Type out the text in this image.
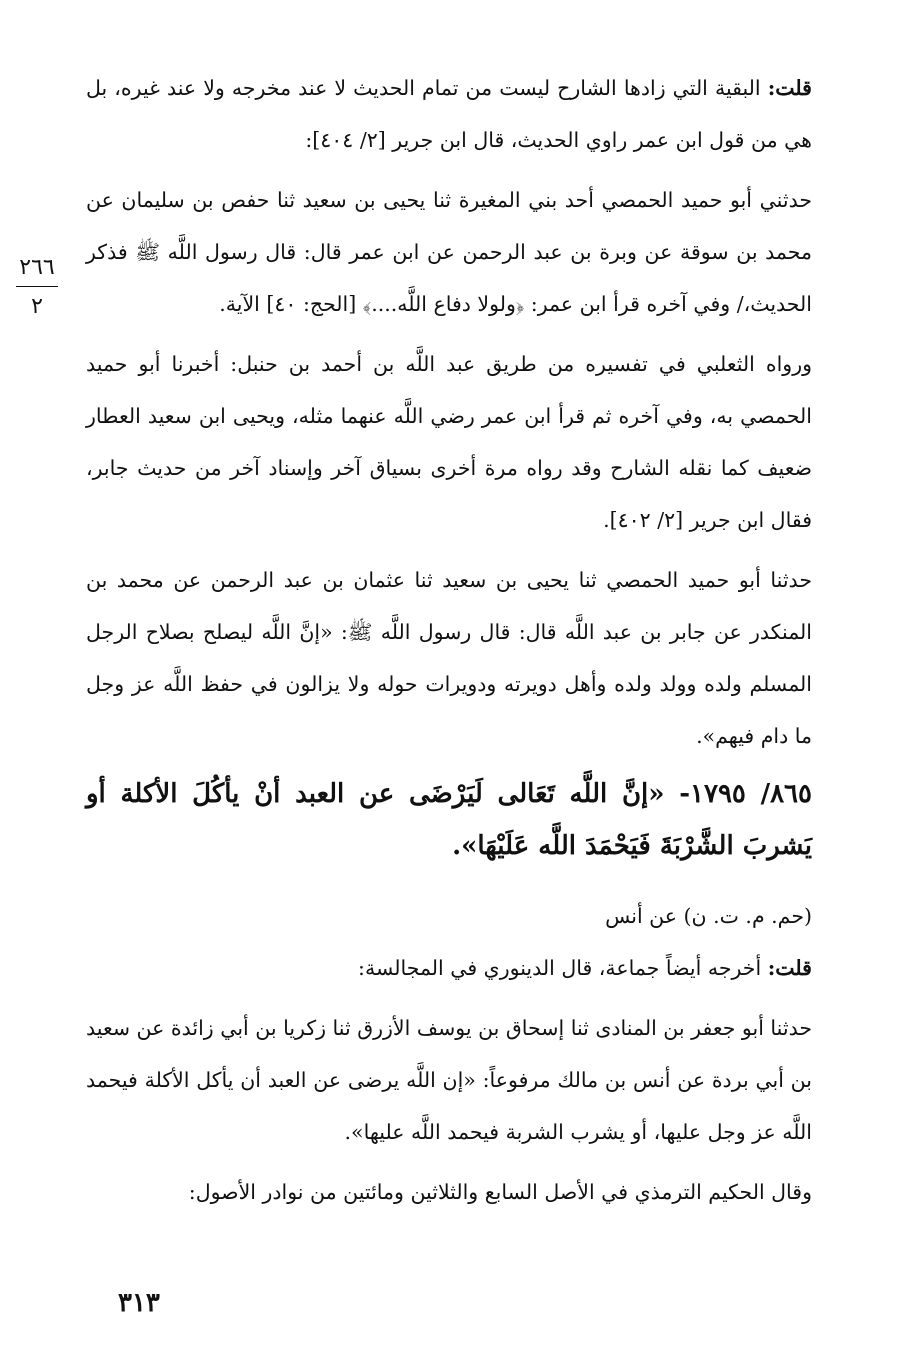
٢٦٦
٢

قلت: البقية التي زادها الشارح ليست من تمام الحديث لا عند مخرجه ولا عند غيره، بل هي من قول ابن عمر راوي الحديث، قال ابن جرير [٢/ ٤٠٤]:

حدثني أبو حميد الحمصي أحد بني المغيرة ثنا يحيى بن سعيد ثنا حفص بن سليمان عن محمد بن سوقة عن وبرة بن عبد الرحمن عن ابن عمر قال: قال رسول اللَّه ﷺ فذكر الحديث،/ وفي آخره قرأ ابن عمر: ﴿ولولا دفاع اللَّه....﴾ [الحج: ٤٠] الآية.

ورواه الثعلبي في تفسيره من طريق عبد اللَّه بن أحمد بن حنبل: أخبرنا أبو حميد الحمصي به، وفي آخره ثم قرأ ابن عمر رضي اللَّه عنهما مثله، ويحيى ابن سعيد العطار ضعيف كما نقله الشارح وقد رواه مرة أخرى بسياق آخر وإسناد آخر من حديث جابر، فقال ابن جرير [٢/ ٤٠٢].

حدثنا أبو حميد الحمصي ثنا يحيى بن سعيد ثنا عثمان بن عبد الرحمن عن محمد بن المنكدر عن جابر بن عبد اللَّه قال: قال رسول اللَّه ﷺ: «إنَّ اللَّه ليصلح بصلاح الرجل المسلم ولده وولد ولده وأهل دويرته ودويرات حوله ولا يزالون في حفظ اللَّه عز وجل ما دام فيهم».

٨٦٥/ ١٧٩٥- «إنَّ اللَّه تَعَالى لَيَرْضَى عن العبد أنْ يأكُلَ الأكلة أو يَشربَ الشَّرْبَةَ فَيَحْمَدَ اللَّه عَلَيْهَا».

(حم. م. ت. ن) عن أنس

قلت: أخرجه أيضاً جماعة، قال الدينوري في المجالسة:

حدثنا أبو جعفر بن المنادى ثنا إسحاق بن يوسف الأزرق ثنا زكريا بن أبي زائدة عن سعيد بن أبي بردة عن أنس بن مالك مرفوعاً: «إن اللَّه يرضى عن العبد أن يأكل الأكلة فيحمد اللَّه عز وجل عليها، أو يشرب الشربة فيحمد اللَّه عليها».

وقال الحكيم الترمذي في الأصل السابع والثلاثين ومائتين من نوادر الأصول:

٣١٣
